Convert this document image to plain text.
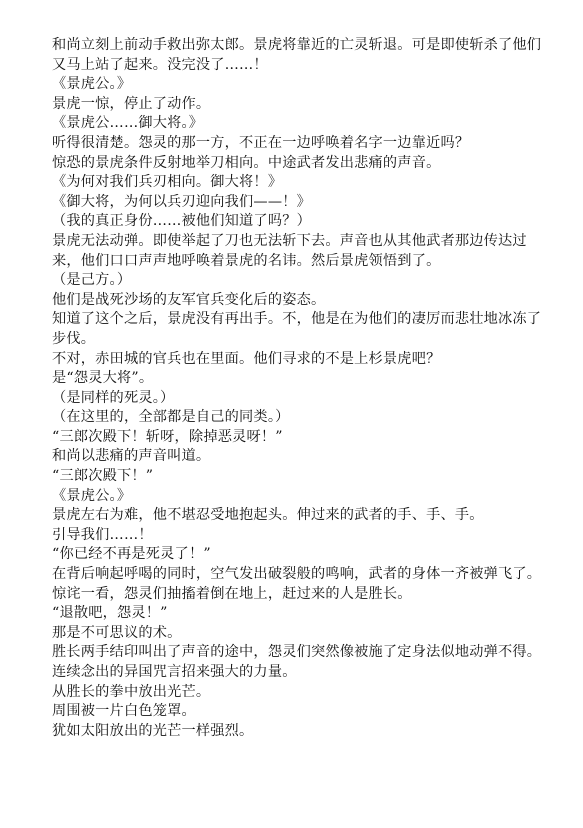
和尚立刻上前动手救出弥太郎。景虎将靠近的亡灵斩退。可是即使斩杀了他们又马上站了起来。没完没了……！

《景虎公。》

景虎一惊，停止了动作。

《景虎公……御大将。》

听得很清楚。怨灵的那一方，不正在一边呼唤着名字一边靠近吗？

惊恐的景虎条件反射地举刀相向。中途武者发出悲痛的声音。

《为何对我们兵刃相向。御大将！》

《御大将，为何以兵刃迎向我们——！》

（我的真正身份……被他们知道了吗？）

景虎无法动弹。即使举起了刀也无法斩下去。声音也从其他武者那边传达过来，他们口口声声地呼唤着景虎的名讳。然后景虎领悟到了。

（是己方。）

他们是战死沙场的友军官兵变化后的姿态。

知道了这个之后，景虎没有再出手。不，他是在为他们的凄厉而悲壮地冰冻了步伐。

不对，赤田城的官兵也在里面。他们寻求的不是上杉景虎吧？

是“怨灵大将”。

（是同样的死灵。）

（在这里的，全部都是自己的同类。）

“三郎次殿下！斩呀，除掉恶灵呀！”

和尚以悲痛的声音叫道。

“三郎次殿下！”

《景虎公。》

景虎左右为难，他不堪忍受地抱起头。伸过来的武者的手、手、手。

引导我们……！

“你已经不再是死灵了！”

在背后响起呼喝的同时，空气发出破裂般的鸣响，武者的身体一齐被弹飞了。惊诧一看，怨灵们抽搐着倒在地上，赶过来的人是胜长。

“退散吧，怨灵！”

那是不可思议的术。

胜长两手结印叫出了声音的途中，怨灵们突然像被施了定身法似地动弹不得。连续念出的异国咒言招来强大的力量。

从胜长的拳中放出光芒。

周围被一片白色笼罩。

犹如太阳放出的光芒一样强烈。
